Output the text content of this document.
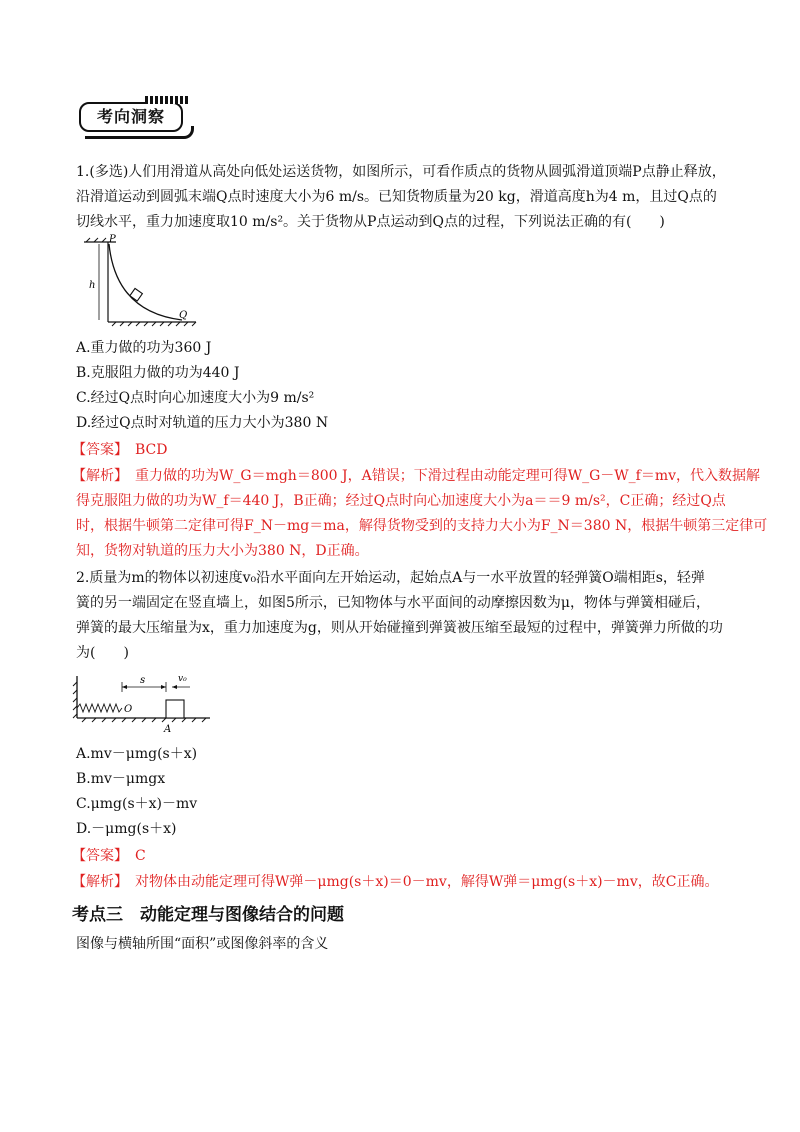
考向洞察
1.(多选)人们用滑道从高处向低处运送货物，如图所示，可看作质点的货物从圆弧滑道顶端P点静止释放，
沿滑道运动到圆弧末端Q点时速度大小为6 m/s。已知货物质量为20 kg，滑道高度h为4 m，且过Q点的
切线水平，重力加速度取10 m/s²。关于货物从P点运动到Q点的过程，下列说法正确的有(　　)
P
h
Q
A.重力做的功为360 J
B.克服阻力做的功为440 J
C.经过Q点时向心加速度大小为9 m/s²
D.经过Q点时对轨道的压力大小为380 N
【答案】　BCD
【解析】　重力做的功为W_G＝mgh＝800 J，A错误；下滑过程由动能定理可得W_G－W_f＝mv，代入数据解
得克服阻力做的功为W_f＝440 J，B正确；经过Q点时向心加速度大小为a＝＝9 m/s²，C正确；经过Q点
时，根据牛顿第二定律可得F_N－mg＝ma，解得货物受到的支持力大小为F_N＝380 N，根据牛顿第三定律可
知，货物对轨道的压力大小为380 N，D正确。
2.质量为m的物体以初速度v₀沿水平面向左开始运动，起始点A与一水平放置的轻弹簧O端相距s，轻弹
簧的另一端固定在竖直墙上，如图5所示，已知物体与水平面间的动摩擦因数为μ，物体与弹簧相碰后，
弹簧的最大压缩量为x，重力加速度为g，则从开始碰撞到弹簧被压缩至最短的过程中，弹簧弹力所做的功
为(　　)
s	v₀
O
A
A.mv－μmg(s＋x)
B.mv－μmgx
C.μmg(s＋x)－mv
D.－μmg(s＋x)
【答案】　C
【解析】　对物体由动能定理可得W弹－μmg(s＋x)＝0－mv，解得W弹＝μmg(s＋x)－mv，故C正确。
考点三　动能定理与图像结合的问题
图像与横轴所围“面积”或图像斜率的含义
